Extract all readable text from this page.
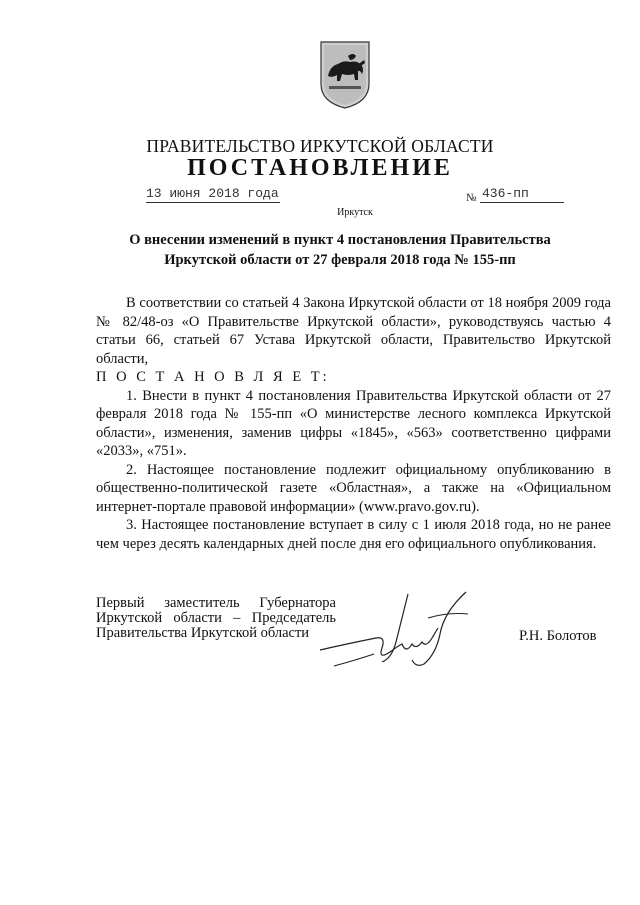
ПРАВИТЕЛЬСТВО ИРКУТСКОЙ ОБЛАСТИ
ПОСТАНОВЛЕНИЕ
13 июня 2018 года	№ 436-пп
Иркутск
О внесении изменений в пункт 4 постановления Правительства
Иркутской области от 27 февраля 2018 года № 155-пп

В соответствии со статьей 4 Закона Иркутской области от 18 ноября 2009 года № 82/48-оз «О Правительстве Иркутской области», руководствуясь частью 4 статьи 66, статьей 67 Устава Иркутской области, Правительство Иркутской области,

П О С Т А Н О В Л Я Е Т:

1. Внести в пункт 4 постановления Правительства Иркутской области от 27 февраля 2018 года № 155-пп «О министерстве лесного комплекса Иркутской области», изменения, заменив цифры «1845», «563» соответственно цифрами «2033», «751».

2. Настоящее постановление подлежит официальному опубликованию в общественно-политической газете «Областная», а также на «Официальном интернет-портале правовой информации» (www.pravo.gov.ru).

3. Настоящее постановление вступает в силу с 1 июля 2018 года, но не ранее чем через десять календарных дней после дня его официального опубликования.

Первый заместитель Губернатора
Иркутской области – Председатель
Правительства Иркутской области	Р.Н. Болотов
